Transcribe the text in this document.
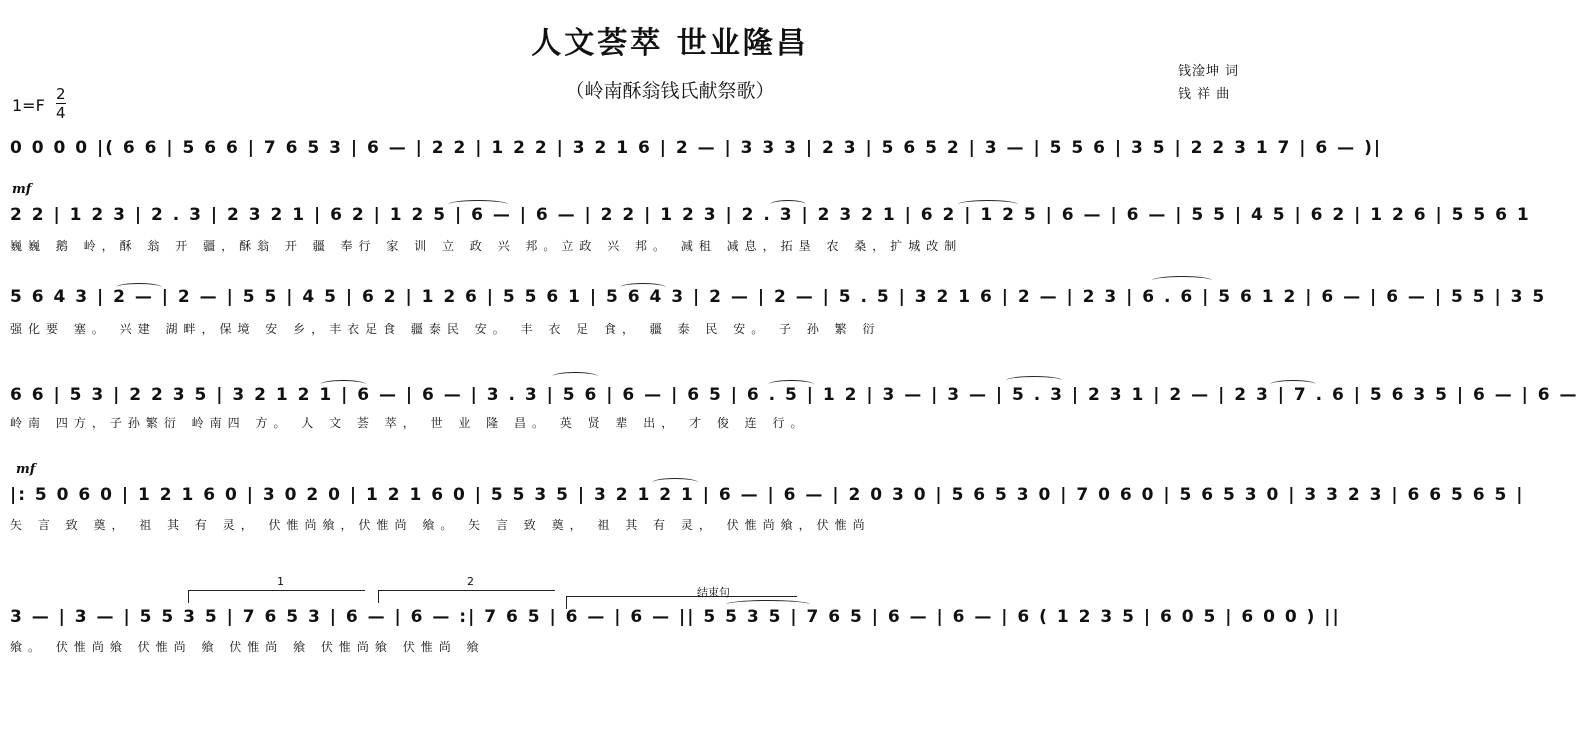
人文荟萃 世业隆昌
（岭南酥翁钱氏献祭歌）
钱淦坤 词
钱 祥 曲
1=F
2
4
0 0 0 0 |( 6 6 | 5 6 6 | 7 6 5 3 | 6 — | 2 2 | 1 2 2 | 3 2 1 6 | 2 — | 3 3 3 | 2 3 | 5 6 5 2 | 3 — | 5 5 6 | 3 5 | 2 2 3 1 7 | 6 — )|
mf
2 2 | 1 2 3 | 2 . 3 | 2 3 2 1 | 6 2 | 1 2 5 | 6 — | 6 — | 2 2 | 1 2 3 | 2 . 3 | 2 3 2 1 | 6 2 | 1 2 5 | 6 — | 6 — | 5 5 | 4 5 | 6 2 | 1 2 6 | 5 5 6 1
巍巍 鹅 岭，酥 翁 开 疆，酥翁 开 疆 奉行 家 训 立 政 兴 邦。立政 兴 邦。 减租 减息，拓垦 农 桑，扩城改制
5 6 4 3 | 2 — | 2 — | 5 5 | 4 5 | 6 2 | 1 2 6 | 5 5 6 1 | 5 6 4 3 | 2 — | 2 — | 5 . 5 | 3 2 1 6 | 2 — | 2 3 | 6 . 6 | 5 6 1 2 | 6 — | 6 — | 5 5 | 3 5
强化要 塞。 兴建 湖畔，保境 安 乡，丰衣足食 疆泰民 安。 丰 衣 足 食， 疆 泰 民 安。 子 孙 繁 衍
6 6 | 5 3 | 2 2 3 5 | 3 2 1 2 1 | 6 — | 6 — | 3 . 3 | 5 6 | 6 — | 6 5 | 6 . 5 | 1 2 | 3 — | 3 — | 5 . 3 | 2 3 1 | 2 — | 2 3 | 7 . 6 | 5 6 3 5 | 6 — | 6 —
岭南 四方，子孙繁衍 岭南四 方。 人 文 荟 萃， 世 业 隆 昌。 英 贤 辈 出， 才 俊 连 行。
mf
|: 5 0 6 0 | 1 2 1 6 0 | 3 0 2 0 | 1 2 1 6 0 | 5 5 3 5 | 3 2 1 2 1 | 6 — | 6 — | 2 0 3 0 | 5 6 5 3 0 | 7 0 6 0 | 5 6 5 3 0 | 3 3 2 3 | 6 6 5 6 5 |
矢 言 致 奠， 祖 其 有 灵， 伏惟尚飨，伏惟尚 飨。 矢 言 致 奠， 祖 其 有 灵， 伏惟尚飨，伏惟尚
1	2
结束句
3 — | 3 — | 5 5 3 5 | 7 6 5 3 | 6 — | 6 — :| 7 6 5 | 6 — | 6 — || 5 5 3 5 | 7 6 5 | 6 — | 6 — | 6 ( 1 2 3 5 | 6 0 5 | 6 0 0 ) ||
飨。 伏惟尚飨 伏惟尚 飨 伏惟尚 飨 伏惟尚飨 伏惟尚 飨
